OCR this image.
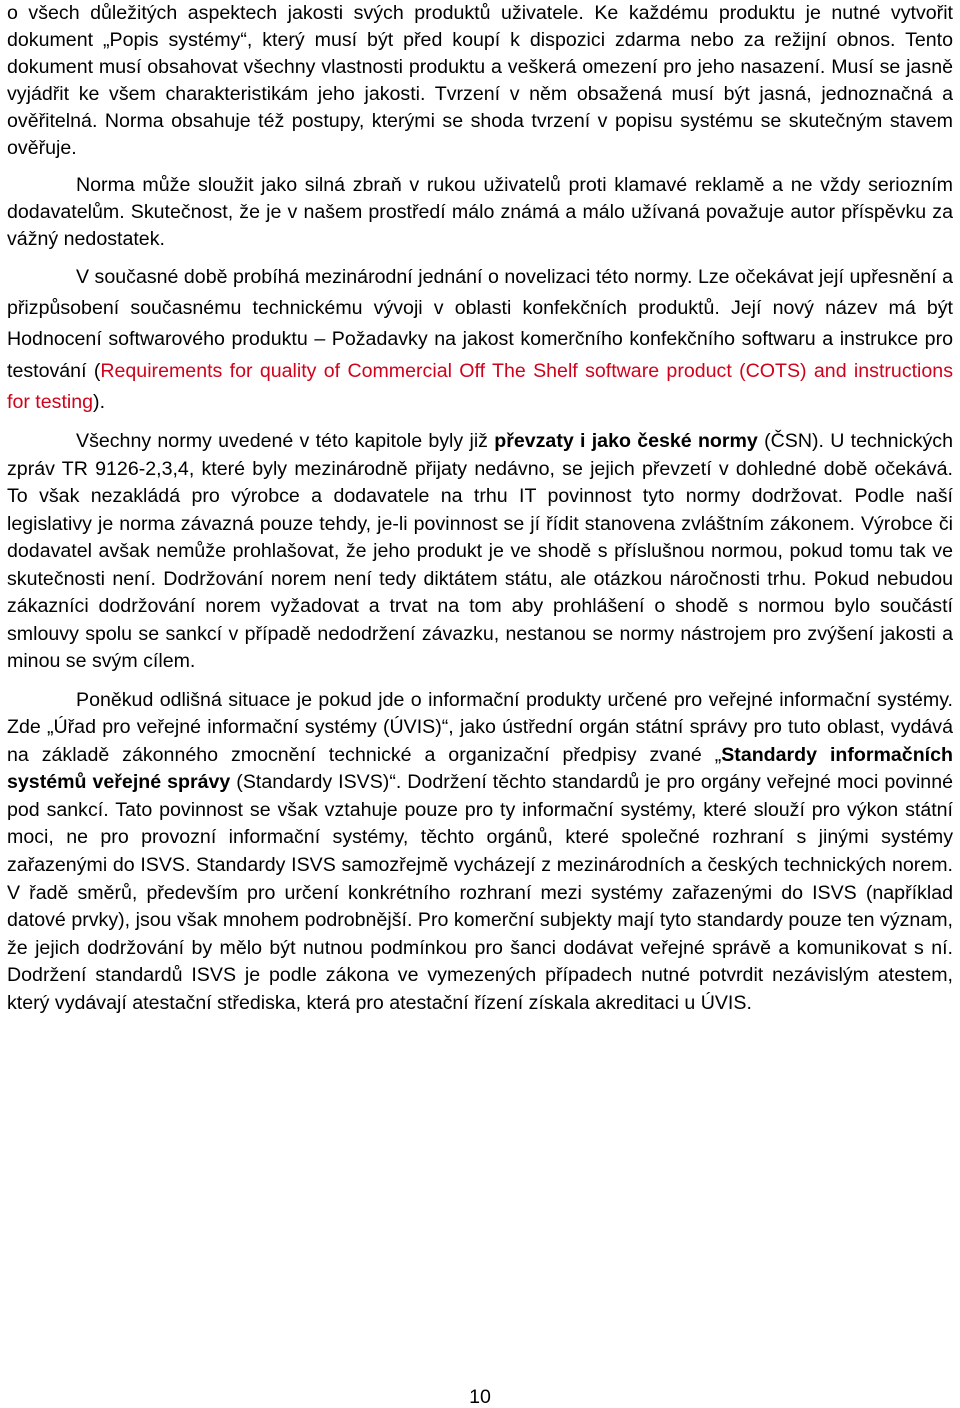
o všech důležitých aspektech jakosti svých produktů uživatele. Ke každému produktu je nutné vytvořit dokument „Popis systémy“, který musí být před koupí k dispozici zdarma nebo za režijní obnos. Tento dokument musí obsahovat všechny vlastnosti produktu a veškerá omezení pro jeho nasazení. Musí se jasně vyjádřit ke všem charakteristikám jeho jakosti. Tvrzení v něm obsažená musí být jasná, jednoznačná a ověřitelná. Norma obsahuje též postupy, kterými se shoda tvrzení v popisu systému se skutečným stavem ověřuje.

Norma může sloužit jako silná zbraň v rukou uživatelů proti klamavé reklamě a ne vždy seriozním dodavatelům. Skutečnost, že je v našem prostředí málo známá a málo užívaná považuje autor příspěvku za vážný nedostatek.

V současné době probíhá mezinárodní jednání o novelizaci této normy. Lze očekávat její upřesnění a přizpůsobení současnému technickému vývoji v oblasti konfekčních produktů. Její nový název má být Hodnocení softwarového produktu – Požadavky na jakost komerčního konfekčního softwaru a instrukce pro testování (Requirements for quality of Commercial Off The Shelf software product (COTS) and instructions for testing).

Všechny normy uvedené v této kapitole byly již převzaty i jako české normy (ČSN). U technických zpráv TR 9126-2,3,4, které byly mezinárodně přijaty nedávno, se jejich převzetí v dohledné době očekává. To však nezakládá pro výrobce a dodavatele na trhu IT povinnost tyto normy dodržovat. Podle naší legislativy je norma závazná pouze tehdy, je-li povinnost se jí řídit stanovena zvláštním zákonem. Výrobce či dodavatel avšak nemůže prohlašovat, že jeho produkt je ve shodě s příslušnou normou, pokud tomu tak ve skutečnosti není. Dodržování norem není tedy diktátem státu, ale otázkou náročnosti trhu. Pokud nebudou zákazníci dodržování norem vyžadovat a trvat na tom aby prohlášení o shodě s normou bylo součástí smlouvy spolu se sankcí v případě nedodržení závazku, nestanou se normy nástrojem pro zvýšení jakosti a minou se svým cílem.

Poněkud odlišná situace je pokud jde o informační produkty určené pro veřejné informační systémy. Zde „Úřad pro veřejné informační systémy (ÚVIS)“, jako ústřední orgán státní správy pro tuto oblast, vydává na základě zákonného zmocnění technické a organizační předpisy zvané „Standardy informačních systémů veřejné správy (Standardy ISVS)“. Dodržení těchto standardů je pro orgány veřejné moci povinné pod sankcí. Tato povinnost se však vztahuje pouze pro ty informační systémy, které slouží pro výkon státní moci, ne pro provozní informační systémy, těchto orgánů, které společné rozhraní s jinými systémy zařazenými do ISVS. Standardy ISVS samozřejmě vycházejí z mezinárodních a českých technických norem. V řadě směrů, především pro určení konkrétního rozhraní mezi systémy zařazenými do ISVS (například datové prvky), jsou však mnohem podrobnější. Pro komerční subjekty mají tyto standardy pouze ten význam, že jejich dodržování by mělo být nutnou podmínkou pro šanci dodávat veřejné správě a komunikovat s ní. Dodržení standardů ISVS je podle zákona ve vymezených případech nutné potvrdit nezávislým atestem, který vydávají atestační střediska, která pro atestační řízení získala akreditaci u ÚVIS.

10
